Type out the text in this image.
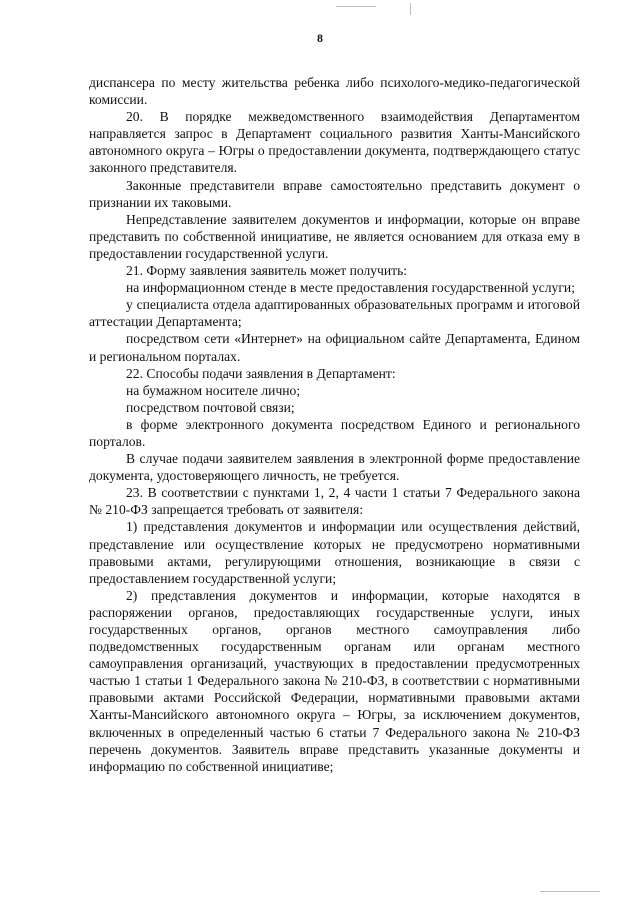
8

диспансера по месту жительства ребенка либо психолого-медико-педагогической комиссии.

20. В порядке межведомственного взаимодействия Департаментом направляется запрос в Департамент социального развития Ханты-Мансийского автономного округа – Югры о предоставлении документа, подтверждающего статус законного представителя.

Законные представители вправе самостоятельно представить документ о признании их таковыми.

Непредставление заявителем документов и информации, которые он вправе представить по собственной инициативе, не является основанием для отказа ему в предоставлении государственной услуги.

21. Форму заявления заявитель может получить:

на информационном стенде в месте предоставления государственной услуги;

у специалиста отдела адаптированных образовательных программ и итоговой аттестации Департамента;

посредством сети «Интернет» на официальном сайте Департамента, Едином и региональном порталах.

22. Способы подачи заявления в Департамент:

на бумажном носителе лично;

посредством почтовой связи;

в форме электронного документа посредством Единого и регионального порталов.

В случае подачи заявителем заявления в электронной форме предоставление документа, удостоверяющего личность, не требуется.

23. В соответствии с пунктами 1, 2, 4 части 1 статьи 7 Федерального закона № 210-ФЗ запрещается требовать от заявителя:

1) представления документов и информации или осуществления действий, представление или осуществление которых не предусмотрено нормативными правовыми актами, регулирующими отношения, возникающие в связи с предоставлением государственной услуги;

2) представления документов и информации, которые находятся в распоряжении органов, предоставляющих государственные услуги, иных государственных органов, органов местного самоуправления либо подведомственных государственным органам или органам местного самоуправления организаций, участвующих в предоставлении предусмотренных частью 1 статьи 1 Федерального закона № 210-ФЗ, в соответствии с нормативными правовыми актами Российской Федерации, нормативными правовыми актами Ханты-Мансийского автономного округа – Югры, за исключением документов, включенных в определенный частью 6 статьи 7 Федерального закона № 210-ФЗ перечень документов. Заявитель вправе представить указанные документы и информацию по собственной инициативе;
